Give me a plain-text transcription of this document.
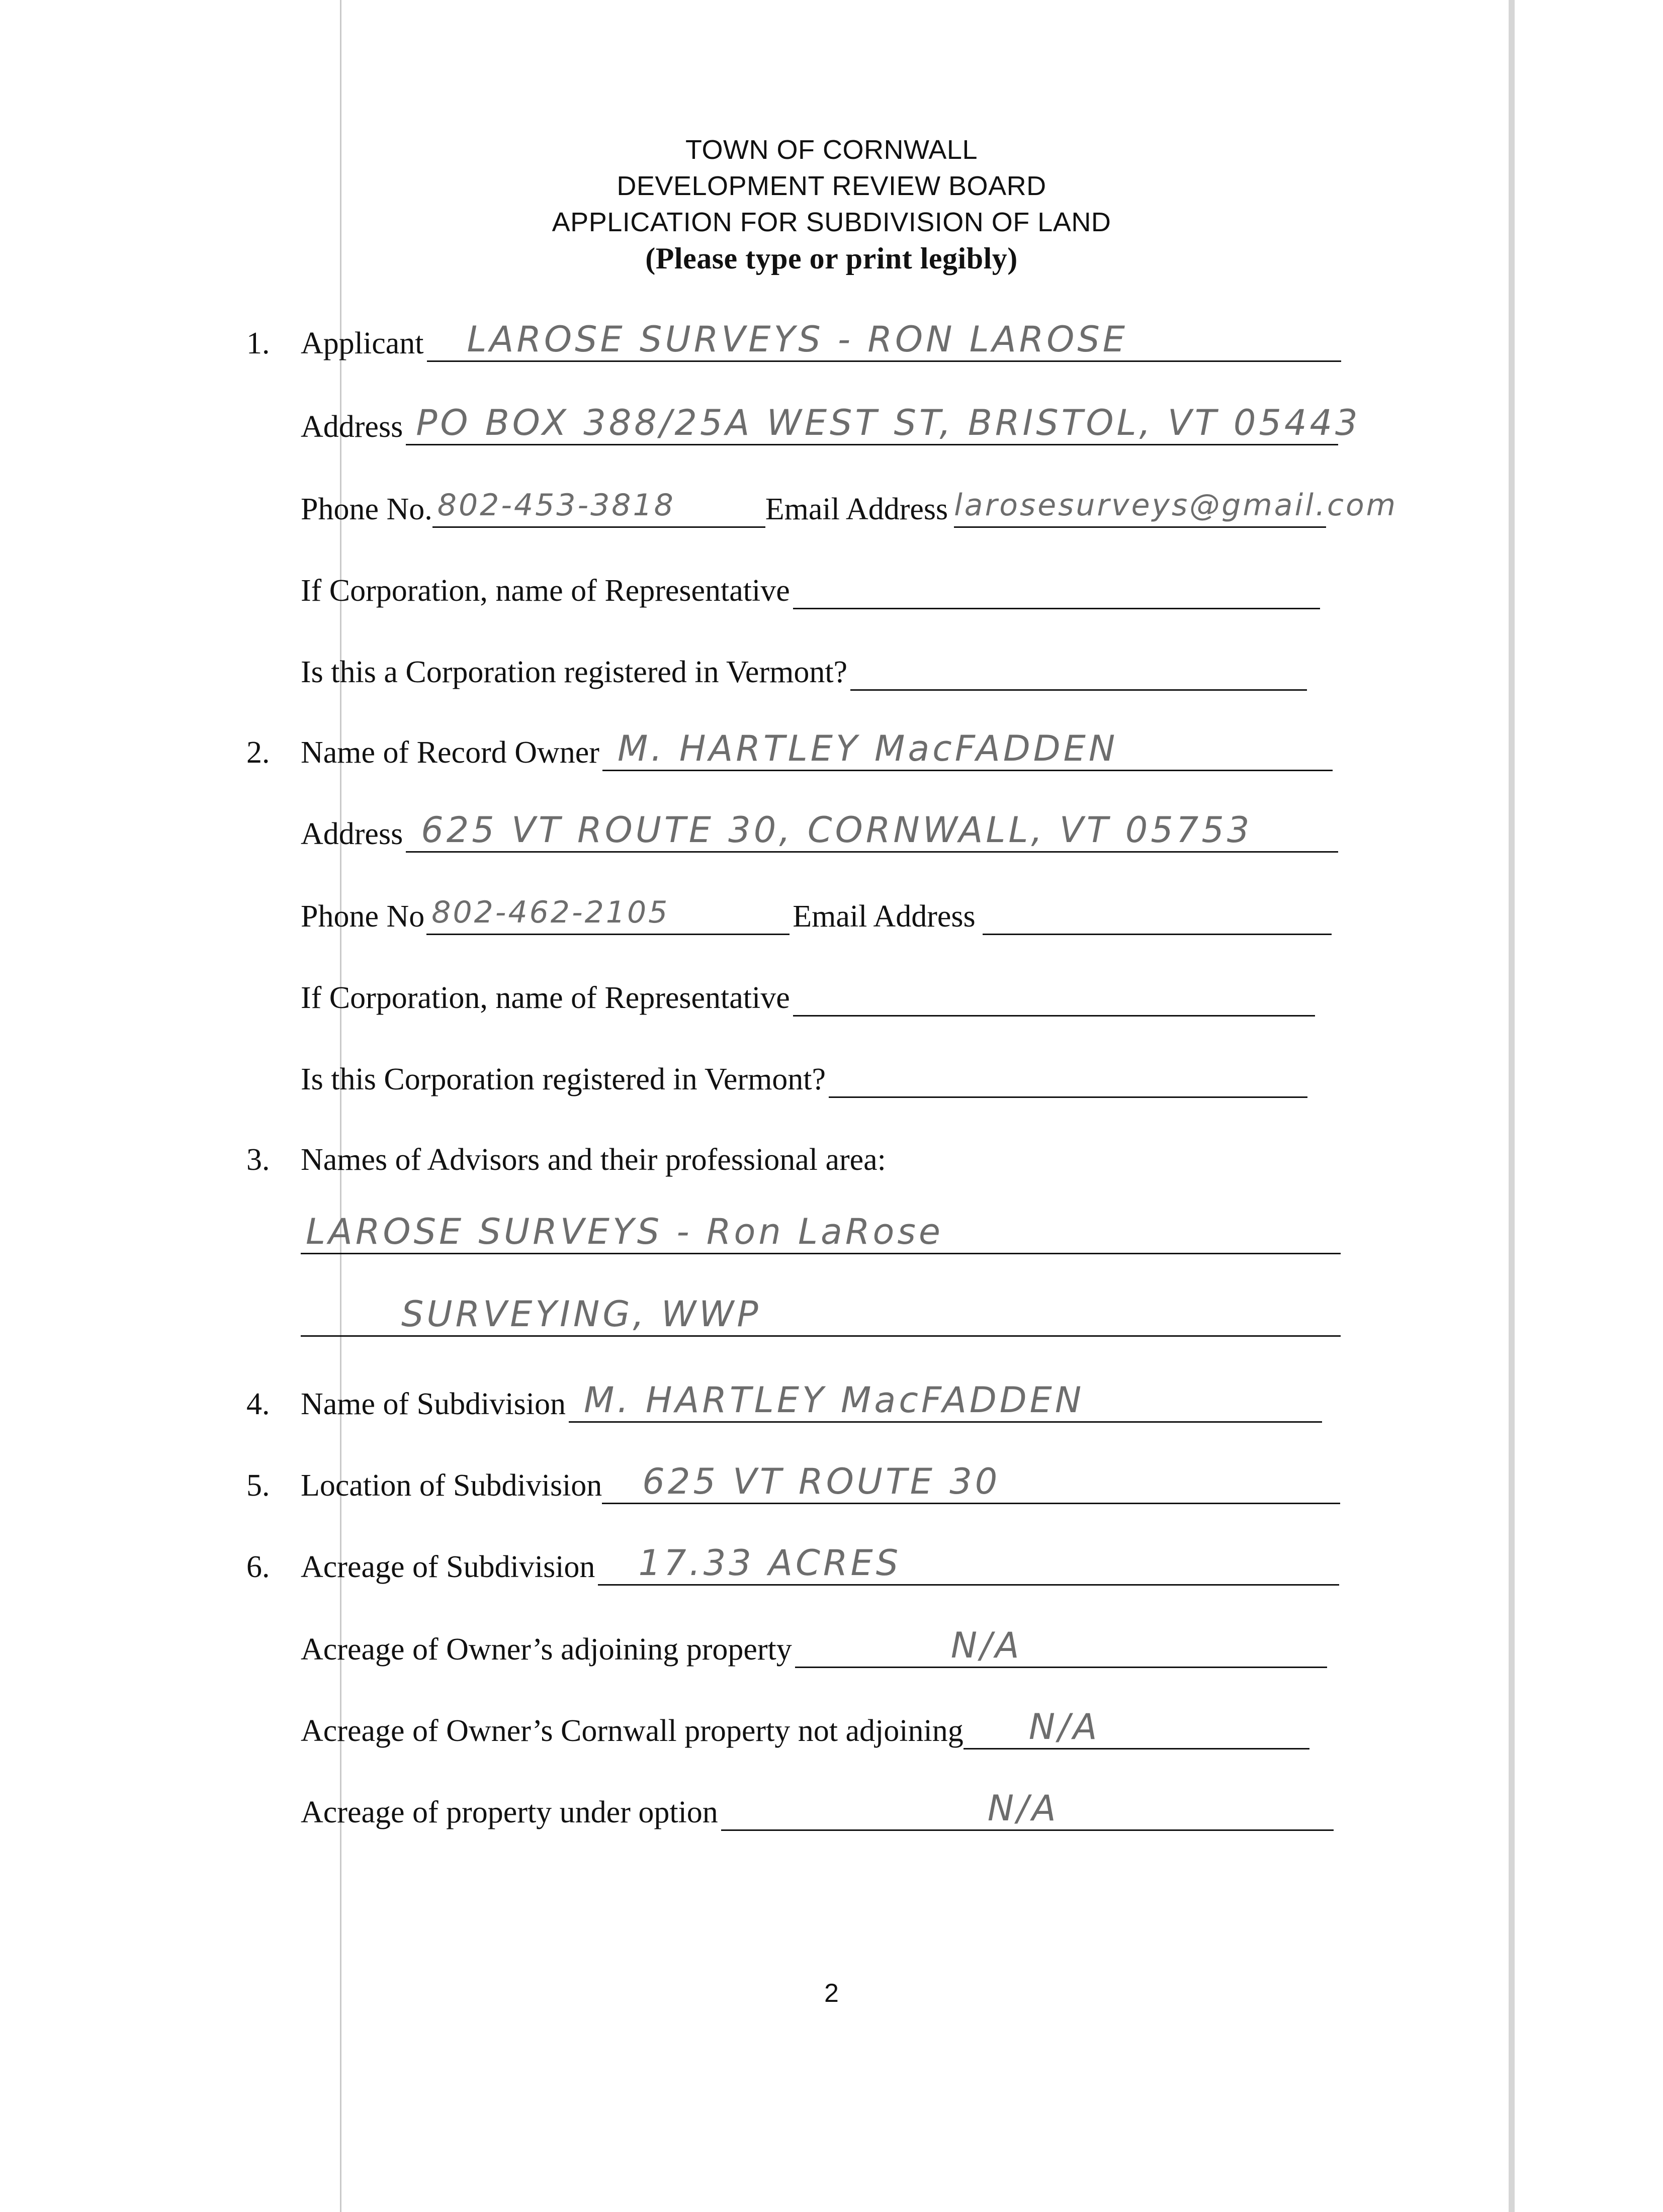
TOWN OF CORNWALL
DEVELOPMENT REVIEW BOARD
APPLICATION FOR SUBDIVISION OF LAND
(Please type or print legibly)
1. Applicant LAROSE SURVEYS - RON LAROSE
Address PO BOX 388/25A WEST ST, BRISTOL, VT 05443
Phone No. 802-453-3818	Email Address larosesurveys@gmail.com
If Corporation, name of Representative
Is this a Corporation registered in Vermont?
2. Name of Record Owner M. HARTLEY MacFADDEN
Address 625 VT ROUTE 30, CORNWALL, VT 05753
Phone No 802-462-2105	Email Address
If Corporation, name of Representative
Is this Corporation registered in Vermont?
3. Names of Advisors and their professional area:
LAROSE SURVEYS - Ron LaRose
SURVEYING, WWP
4. Name of Subdivision M. HARTLEY MacFADDEN
5. Location of Subdivision 625 VT ROUTE 30
6. Acreage of Subdivision 17.33 ACRES
Acreage of Owner’s adjoining property	N/A
Acreage of Owner’s Cornwall property not adjoining N/A
Acreage of property under option	N/A
2
